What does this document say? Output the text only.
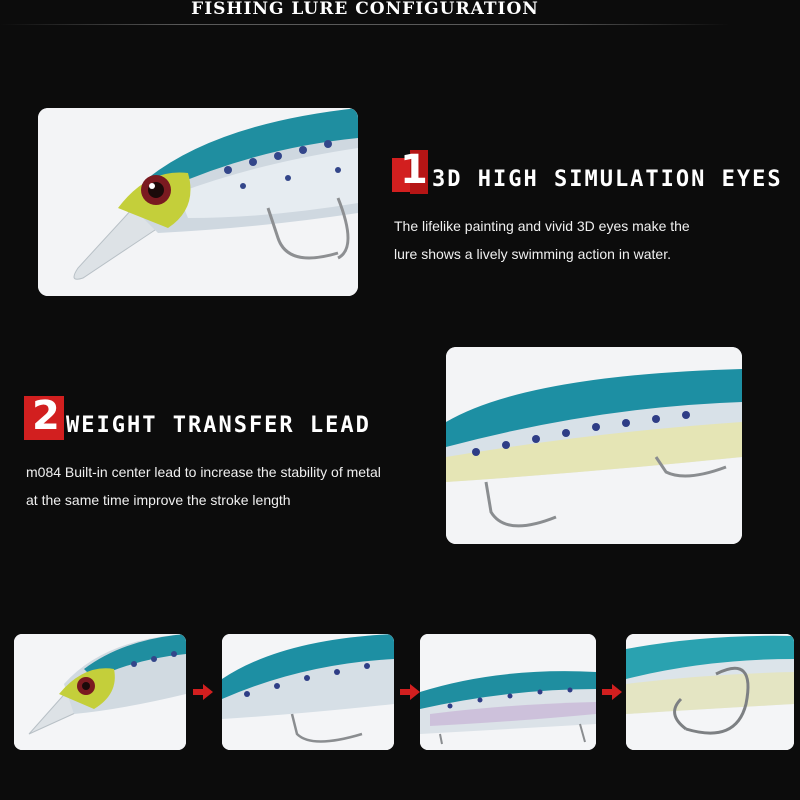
FISHING LURE CONFIGURATION
1 3D HIGH SIMULATION EYES
The lifelike painting and vivid 3D eyes make the
lure shows a lively swimming action in water.
2 WEIGHT TRANSFER LEAD
m084 Built-in center lead to increase the stability of metal
at the same time improve the stroke length
